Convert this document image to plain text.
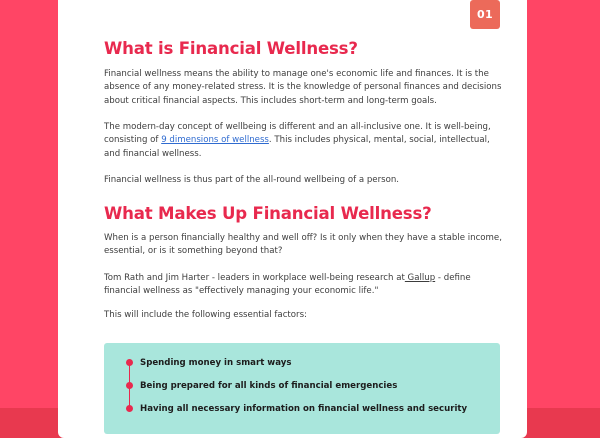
01
What is Financial Wellness?

Financial wellness means the ability to manage one's economic life and finances. It is the absence of any money-related stress. It is the knowledge of personal finances and decisions about critical financial aspects. This includes short-term and long-term goals.

The modern-day concept of wellbeing is different and an all-inclusive one. It is well-being, consisting of 9 dimensions of wellness. This includes physical, mental, social, intellectual, and financial wellness.

Financial wellness is thus part of the all-round wellbeing of a person.

What Makes Up Financial Wellness?

When is a person financially healthy and well off? Is it only when they have a stable income, essential, or is it something beyond that?

Tom Rath and Jim Harter - leaders in workplace well-being research at Gallup - define financial wellness as "effectively managing your economic life."

This will include the following essential factors:

Spending money in smart ways
Being prepared for all kinds of financial emergencies
Having all necessary information on financial wellness and security
